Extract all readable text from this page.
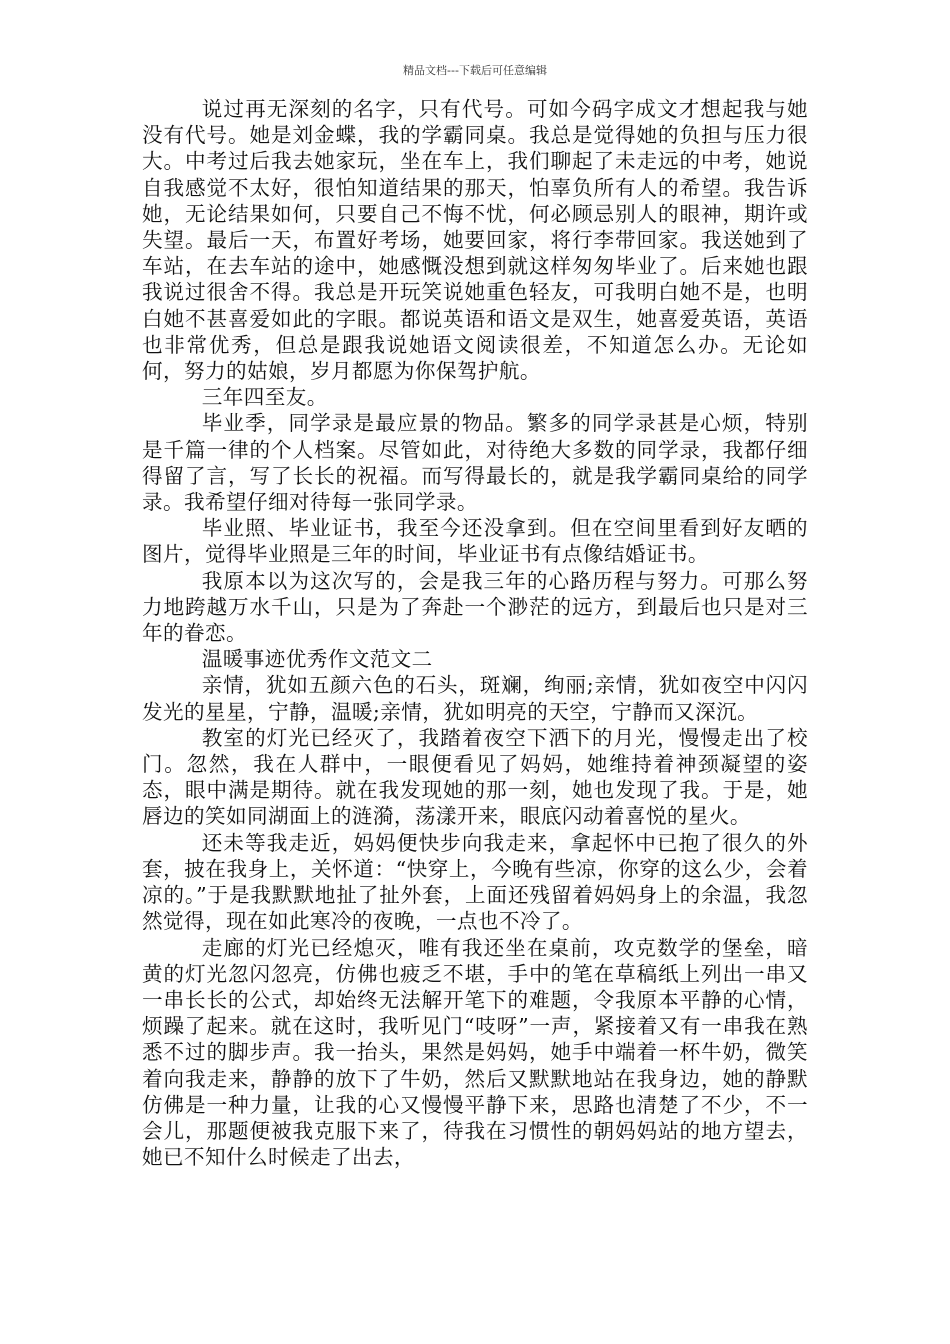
精品文档---下载后可任意编辑

说过再无深刻的名字，只有代号。可如今码字成文才想起我与她没有代号。她是刘金蝶，我的学霸同桌。我总是觉得她的负担与压力很大。中考过后我去她家玩，坐在车上，我们聊起了未走远的中考，她说自我感觉不太好，很怕知道结果的那天，怕辜负所有人的希望。我告诉她，无论结果如何，只要自己不悔不忧，何必顾忌别人的眼神，期许或失望。最后一天，布置好考场，她要回家，将行李带回家。我送她到了车站，在去车站的途中，她感慨没想到就这样匆匆毕业了。后来她也跟我说过很舍不得。我总是开玩笑说她重色轻友，可我明白她不是，也明白她不甚喜爱如此的字眼。都说英语和语文是双生，她喜爱英语，英语也非常优秀，但总是跟我说她语文阅读很差，不知道怎么办。无论如何，努力的姑娘，岁月都愿为你保驾护航。

三年四至友。

毕业季，同学录是最应景的物品。繁多的同学录甚是心烦，特别是千篇一律的个人档案。尽管如此，对待绝大多数的同学录，我都仔细得留了言，写了长长的祝福。而写得最长的，就是我学霸同桌给的同学录。我希望仔细对待每一张同学录。

毕业照、毕业证书，我至今还没拿到。但在空间里看到好友晒的图片，觉得毕业照是三年的时间，毕业证书有点像结婚证书。

我原本以为这次写的，会是我三年的心路历程与努力。可那么努力地跨越万水千山，只是为了奔赴一个渺茫的远方，到最后也只是对三年的眷恋。

温暖事迹优秀作文范文二

亲情，犹如五颜六色的石头，斑斓，绚丽;亲情，犹如夜空中闪闪发光的星星，宁静，温暖;亲情，犹如明亮的天空，宁静而又深沉。

教室的灯光已经灭了，我踏着夜空下洒下的月光，慢慢走出了校门。忽然，我在人群中，一眼便看见了妈妈，她维持着神颈凝望的姿态，眼中满是期待。就在我发现她的那一刻，她也发现了我。于是，她唇边的笑如同湖面上的涟漪，荡漾开来，眼底闪动着喜悦的星火。

还未等我走近，妈妈便快步向我走来，拿起怀中已抱了很久的外套，披在我身上，关怀道：“快穿上，今晚有些凉，你穿的这么少，会着凉的。”于是我默默地扯了扯外套，上面还残留着妈妈身上的余温，我忽然觉得，现在如此寒冷的夜晚，一点也不冷了。

走廊的灯光已经熄灭，唯有我还坐在桌前，攻克数学的堡垒，暗黄的灯光忽闪忽亮，仿佛也疲乏不堪，手中的笔在草稿纸上列出一串又一串长长的公式，却始终无法解开笔下的难题，令我原本平静的心情，烦躁了起来。就在这时，我听见门“吱呀”一声，紧接着又有一串我在熟悉不过的脚步声。我一抬头，果然是妈妈，她手中端着一杯牛奶，微笑着向我走来，静静的放下了牛奶，然后又默默地站在我身边，她的静默仿佛是一种力量，让我的心又慢慢平静下来，思路也清楚了不少，不一会儿，那题便被我克服下来了，待我在习惯性的朝妈妈站的地方望去，她已不知什么时候走了出去，
